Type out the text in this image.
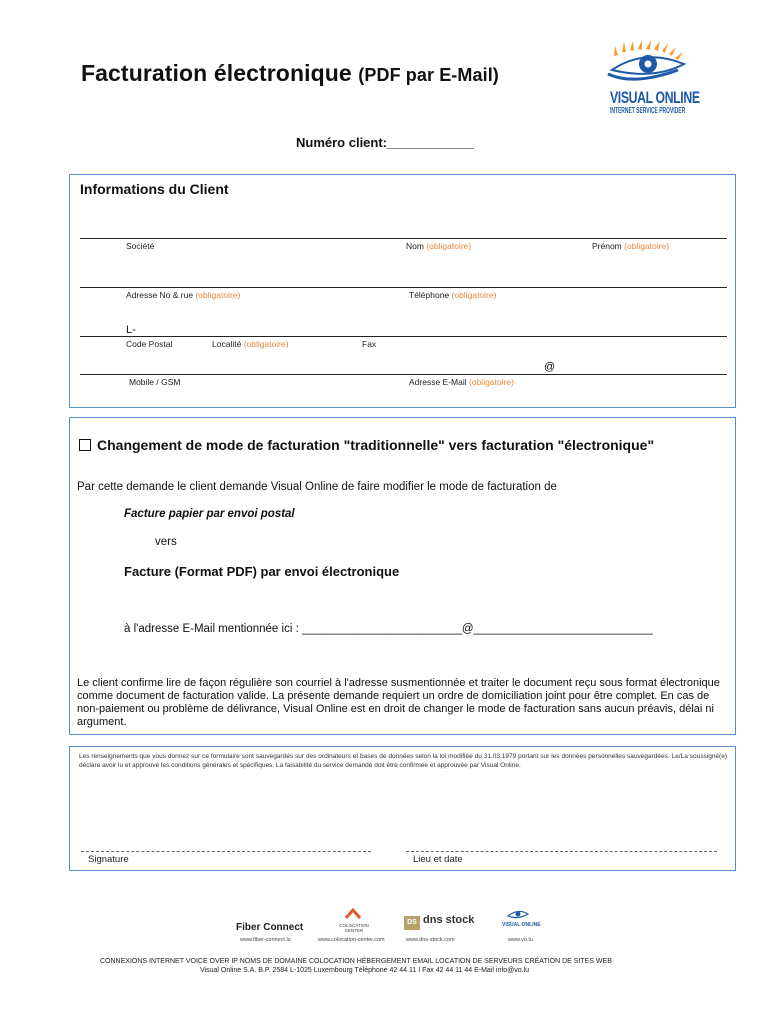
Facturation électronique (PDF par E-Mail)
VISUAL ONLINE
INTERNET SERVICE PROVIDER
Numéro client:____________
Informations du Client
Société	Nom (obligatoire)	Prénom (obligatoire)
Adresse No & rue (obligatoire)	Téléphone (obligatoire)
L-
Code Postal	Localité (obligatoire)	Fax
@
Mobile / GSM	Adresse E-Mail (obligatoire)
Changement de mode de facturation "traditionnelle" vers facturation "électronique"
Par cette demande le client demande Visual Online de faire modifier le mode de facturation de
Facture papier par envoi postal
vers
Facture (Format PDF) par envoi électronique
à l'adresse E-Mail mentionnée ici : _________________________@____________________________
Le client confirme lire de façon régulière son courriel à l'adresse susmentionnée et traiter le document reçu sous format électronique comme document de facturation valide. La présente demande requiert un ordre de domiciliation joint pour être complet. En cas de non-paiement ou problème de délivrance, Visual Online est en droit de changer le mode de facturation sans aucun préavis, délai ni argument.
Les renseignements que vous donnez sur ce formulaire sont sauvegardés sur des ordinateurs et bases de données selon la loi modifiée du 31.03.1979 portant sur les données personnelles sauvegardées. Le/La soussigné(e) déclare avoir lu et approuvé les conditions générales et spécifiques. La faisabilité du service demandé doit être confirmée et approuvée par Visual Online.
Signature	Lieu et date
Fiber Connect
www.fiber-connect.lu
COLOCATION CENTER
www.colocation-center.com
DS dns stock
www.dns-stock.com
VISUAL ONLINE
www.vo.lu
CONNEXIONS INTERNET VOICE OVER IP NOMS DE DOMAINE COLOCATION HÉBERGEMENT EMAIL LOCATION DE SERVEURS CRÉATION DE SITES WEB
Visual Online S.A. B.P. 2584 L-1025 Luxembourg Téléphone 42 44 11 I Fax 42 44 11 44 E-Mail info@vo.lu
